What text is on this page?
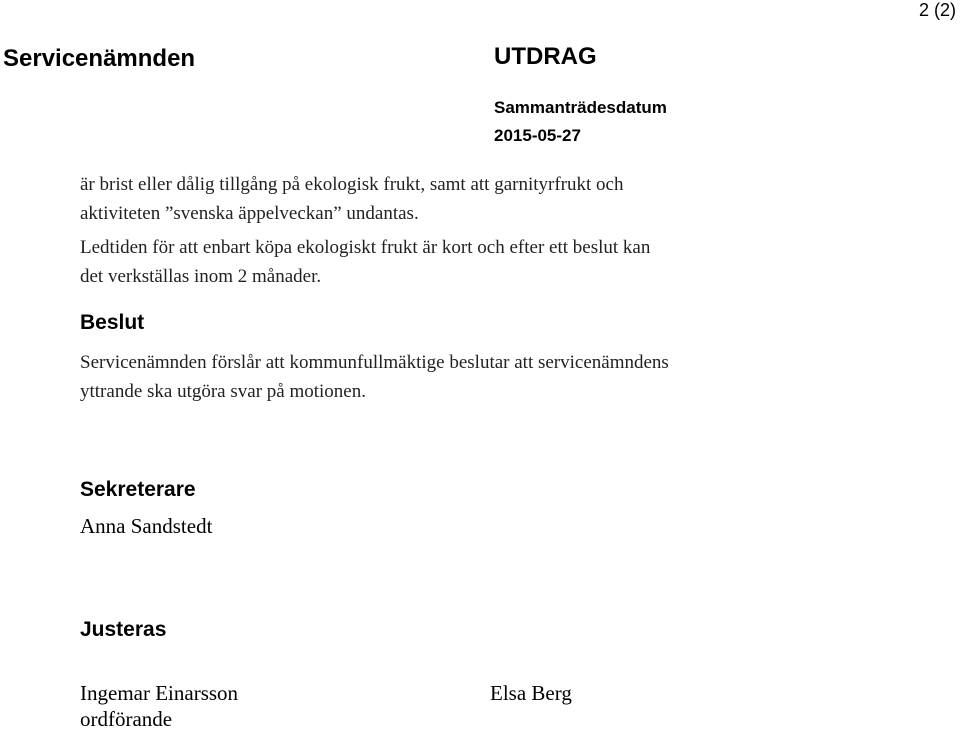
2 (2)
Servicenämnden	UTDRAG
Sammanträdesdatum
2015-05-27
är brist eller dålig tillgång på ekologisk frukt, samt att garnityrfrukt och
aktiviteten ”svenska äppelveckan” undantas.
Ledtiden för att enbart köpa ekologiskt frukt är kort och efter ett beslut kan
det verkställas inom 2 månader.
Beslut
Servicenämnden förslår att kommunfullmäktige beslutar att servicenämndens
yttrande ska utgöra svar på motionen.
Sekreterare
Anna Sandstedt
Justeras
Ingemar Einarsson
ordförande
Elsa Berg
